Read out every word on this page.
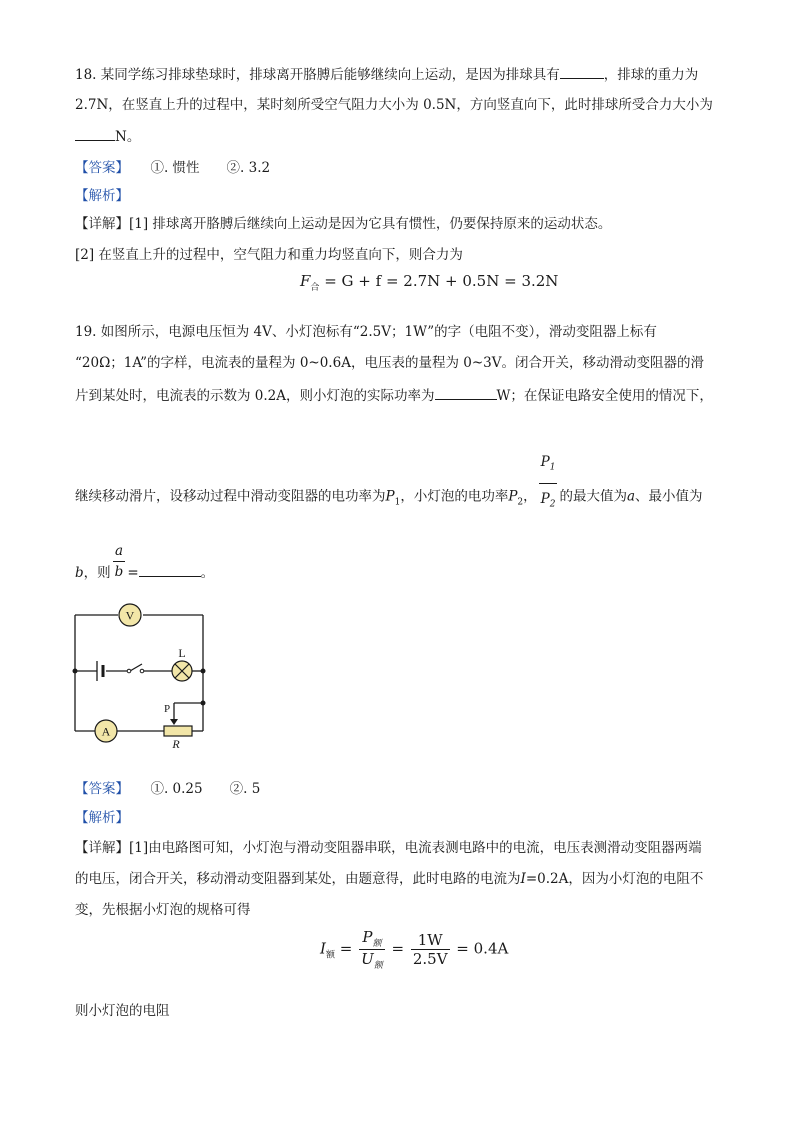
18. 某同学练习排球垫球时，排球离开胳膊后能够继续向上运动，是因为排球具有	，排球的重力为
2.7N，在竖直上升的过程中，某时刻所受空气阻力大小为 0.5N，方向竖直向下，此时排球所受合力大小为
N。
【答案】 ①. 惯性　　②. 3.2
【解析】
【详解】[1] 排球离开胳膊后继续向上运动是因为它具有惯性，仍要保持原来的运动状态。
[2] 在竖直上升的过程中，空气阻力和重力均竖直向下，则合力为
$F_合 = G + f = 2.7N + 0.5N = 3.2N$
19. 如图所示，电源电压恒为 4V、小灯泡标有“2.5V；1W”的字（电阻不变），滑动变阻器上标有
“20Ω；1A”的字样，电流表的量程为 0~0.6A，电压表的量程为 0~3V。闭合开关，移动滑动变阻器的滑
片到某处时，电流表的示数为 0.2A，则小灯泡的实际功率为	W；在保证电路安全使用的情况下，
继续移动滑片，设移动过程中滑动变阻器的电功率为$P_1$，小灯泡的电功率$P_2$， $\frac{P_1}{P_2}$ 的最大值为a、最小值为
b，则 $\frac{a}{b}$ =	。
V
L
A
P
R
【答案】 ①. 0.25　　②. 5
【解析】
【详解】[1]由电路图可知，小灯泡与滑动变阻器串联，电流表测电路中的电流，电压表测滑动变阻器两端
的电压，闭合开关，移动滑动变阻器到某处，由题意得，此时电路的电流为I=0.2A，因为小灯泡的电阻不
变，先根据小灯泡的规格可得
$I_额 = \frac{P_额}{U_额} = \frac{1W}{2.5V} = 0.4A$
则小灯泡的电阻
